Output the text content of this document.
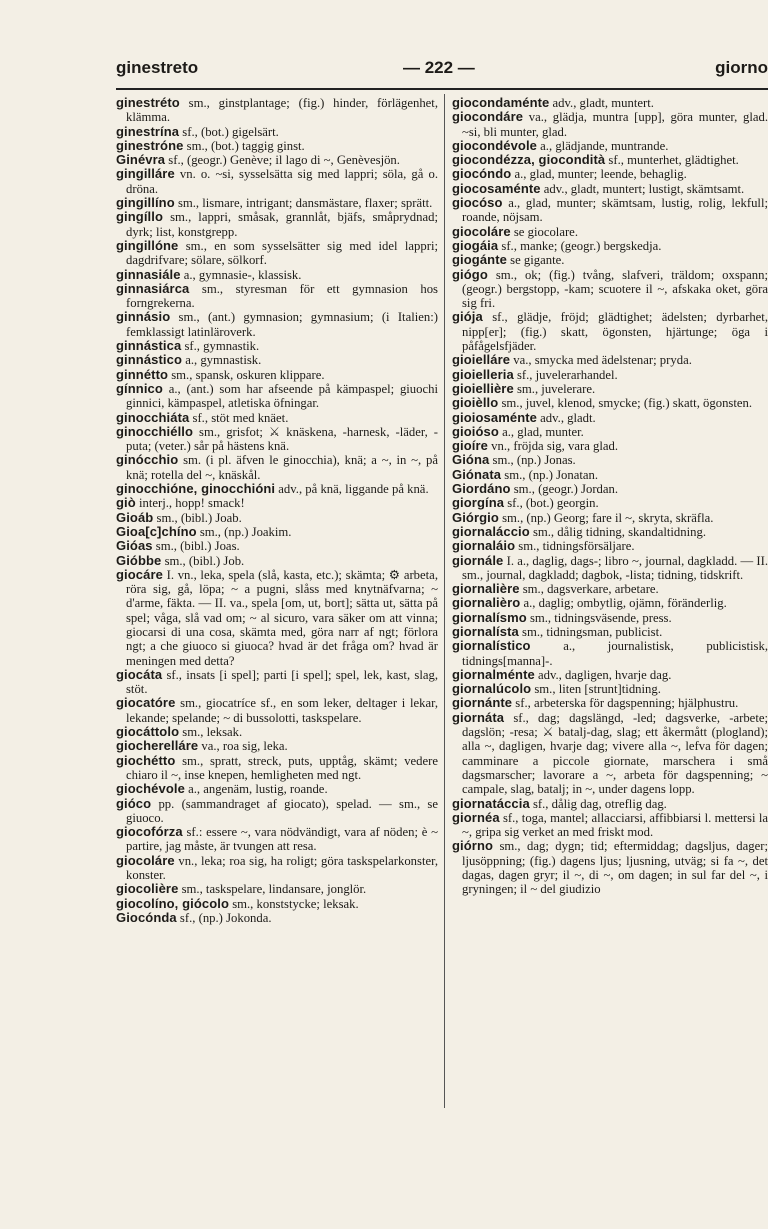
ginestreto	— 222 —	giorno

ginestréto sm., ginstplantage; (fig.) hinder, förlägenhet, klämma.

ginestrína sf., (bot.) gigelsärt.

ginestróne sm., (bot.) taggig ginst.

Ginévra sf., (geogr.) Genève; il lago di ~, Genèvesjön.

gingilláre vn. o. ~si, sysselsätta sig med lappri; söla, gå o. dröna.

gingillíno sm., lismare, intrigant; dansmästare, flaxer; sprätt.

gingíllo sm., lappri, småsak, grannlåt, bjäfs, småprydnad; dyrk; list, konstgrepp.

gingillóne sm., en som sysselsätter sig med idel lappri; dagdrifvare; sölare, sölkorf.

ginnasiále a., gymnasie-, klassisk.

ginnasiárca sm., styresman för ett gymnasion hos forngrekerna.

ginnásio sm., (ant.) gymnasion; gymnasium; (i Italien:) femklassigt latinläroverk.

ginnástica sf., gymnastik.

ginnástico a., gymnastisk.

ginnétto sm., spansk, oskuren klippare.

gínnico a., (ant.) som har afseende på kämpaspel; giuochi ginnici, kämpaspel, atletiska öfningar.

ginocchiáta sf., stöt med knäet.

ginocchiéllo sm., grisfot; ⚔ knäskena, -harnesk, -läder, -puta; (veter.) sår på hästens knä.

ginócchio sm. (i pl. äfven le ginocchia), knä; a ~, in ~, på knä; rotella del ~, knäskål.

ginocchióne, ginocchióni adv., på knä, liggande på knä.

giò interj., hopp! smack!

Gioáb sm., (bibl.) Joab.

Gioa[c]chíno sm., (np.) Joakim.

Gióas sm., (bibl.) Joas.

Gióbbe sm., (bibl.) Job.

giocáre I. vn., leka, spela (slå, kasta, etc.); skämta; ⚙ arbeta, röra sig, gå, löpa; ~ a pugni, slåss med knytnäfvarna; ~ d'arme, fäkta. — II. va., spela [om, ut, bort]; sätta ut, sätta på spel; våga, slå vad om; ~ al sicuro, vara säker om att vinna; giocarsi di una cosa, skämta med, göra narr af ngt; förlora ngt; a che giuoco si giuoca? hvad är det fråga om? hvad är meningen med detta?

giocáta sf., insats [i spel]; parti [i spel]; spel, lek, kast, slag, stöt.

giocatóre sm., giocatríce sf., en som leker, deltager i lekar, lekande; spelande; ~ di bussolotti, taskspelare.

giocáttolo sm., leksak.

giocherelláre va., roa sig, leka.

giochétto sm., spratt, streck, puts, upptåg, skämt; vedere chiaro il ~, inse knepen, hemligheten med ngt.

giochévole a., angenäm, lustig, roande.

gióco pp. (sammandraget af giocato), spelad. — sm., se giuoco.

giocofórza sf.: essere ~, vara nödvändigt, vara af nöden; è ~ partire, jag måste, är tvungen att resa.

giocoláre vn., leka; roa sig, ha roligt; göra taskspelarkonster, konster.

giocolière sm., taskspelare, lindansare, jonglör.

giocolíno, giócolo sm., konststycke; leksak.

Giocónda sf., (np.) Jokonda.

giocondaménte adv., gladt, muntert.

giocondáre va., glädja, muntra [upp], göra munter, glad. ~si, bli munter, glad.

giocondévole a., glädjande, muntrande.

giocondézza, giocondità sf., munterhet, glädtighet.

giocóndo a., glad, munter; leende, behaglig.

giocosaménte adv., gladt, muntert; lustigt, skämtsamt.

giocóso a., glad, munter; skämtsam, lustig, rolig, lekfull; roande, nöjsam.

giocoláre se giocolare.

giogáia sf., manke; (geogr.) bergskedja.

giogánte se gigante.

giógo sm., ok; (fig.) tvång, slafveri, träldom; oxspann; (geogr.) bergstopp, -kam; scuotere il ~, afskaka oket, göra sig fri.

giója sf., glädje, fröjd; glädtighet; ädelsten; dyrbarhet, nipp[er]; (fig.) skatt, ögonsten, hjärtunge; öga i påfågelsfjäder.

gioielláre va., smycka med ädelstenar; pryda.

gioielleria sf., juvelerarhandel.

gioiellière sm., juvelerare.

gioièllo sm., juvel, klenod, smycke; (fig.) skatt, ögonsten.

gioiosaménte adv., gladt.

gioióso a., glad, munter.

gioíre vn., fröjda sig, vara glad.

Gióna sm., (np.) Jonas.

Giónata sm., (np.) Jonatan.

Giordáno sm., (geogr.) Jordan.

giorgína sf., (bot.) georgin.

Giórgio sm., (np.) Georg; fare il ~, skryta, skräfla.

giornaláccio sm., dålig tidning, skandaltidning.

giornaláio sm., tidningsförsäljare.

giornále I. a., daglig, dags-; libro ~, journal, dagkladd. — II. sm., journal, dagkladd; dagbok, -lista; tidning, tidskrift.

giornalière sm., dagsverkare, arbetare.

giornalièro a., daglig; ombytlig, ojämn, föränderlig.

giornalísmo sm., tidningsväsende, press.

giornalísta sm., tidningsman, publicist.

giornalístico a., journalistisk, publicistisk, tidnings[manna]-.

giornalménte adv., dagligen, hvarje dag.

giornalúcolo sm., liten [strunt]tidning.

giornánte sf., arbeterska för dagspenning; hjälphustru.

giornáta sf., dag; dagslängd, -led; dagsverke, -arbete; dagslön; -resa; ⚔ batalj-dag, slag; ett åkermått (plogland); alla ~, dagligen, hvarje dag; vivere alla ~, lefva för dagen; camminare a piccole giornate, marschera i små dagsmarscher; lavorare a ~, arbeta för dagspenning; ~ campale, slag, batalj; in ~, under dagens lopp.

giornatáccia sf., dålig dag, otreflig dag.

giornéa sf., toga, mantel; allacciarsi, affibbiarsi l. mettersi la ~, gripa sig verket an med friskt mod.

giórno sm., dag; dygn; tid; eftermiddag; dagsljus, dager; ljusöppning; (fig.) dagens ljus; ljusning, utväg; si fa ~, det dagas, dagen gryr; il ~, di ~, om dagen; in sul far del ~, i gryningen; il ~ del giudizio
